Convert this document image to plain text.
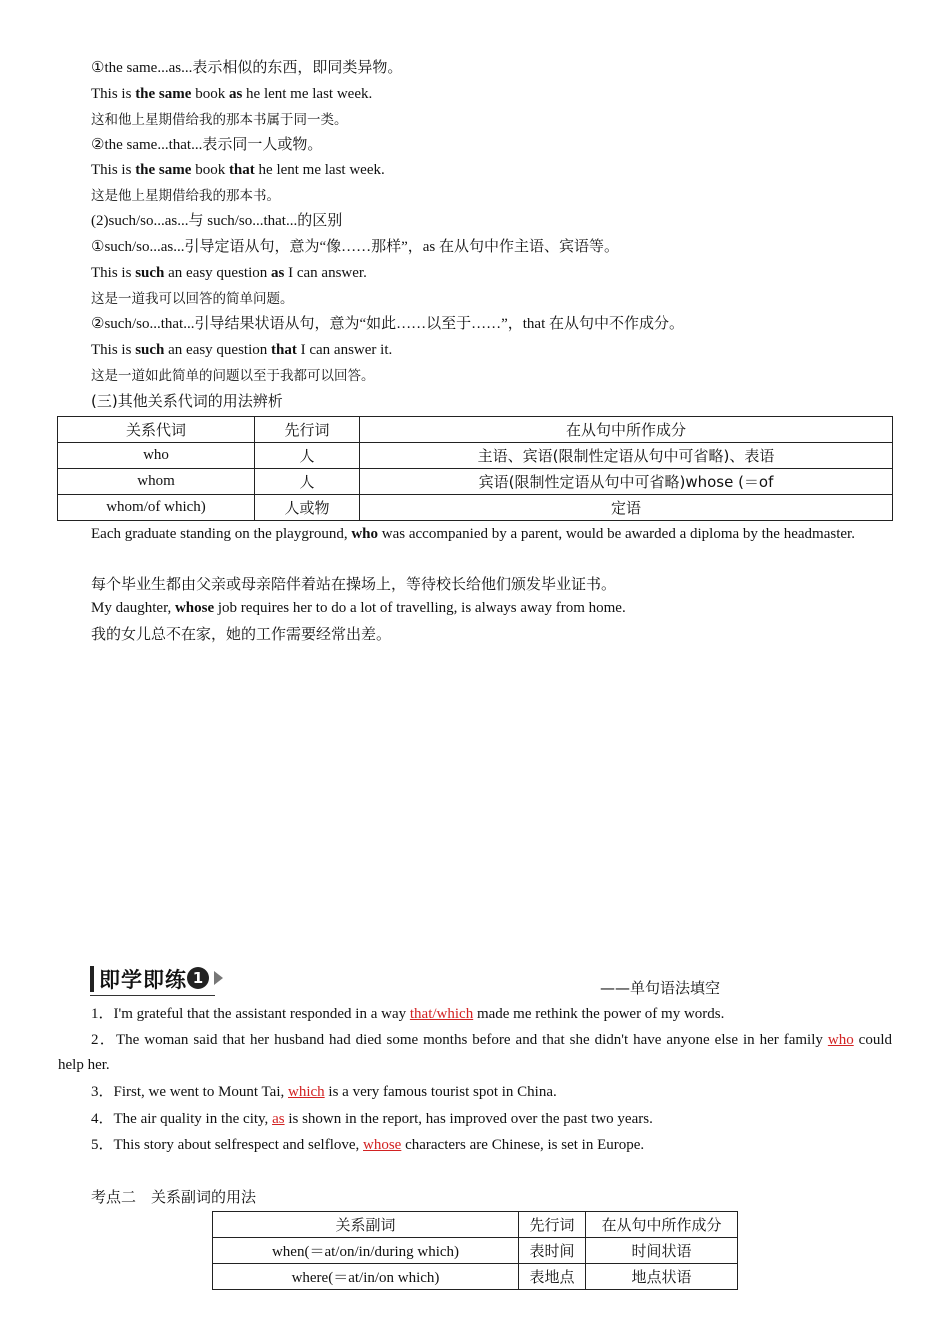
①the same...as...表示相似的东西，即同类异物。
This is the same book as he lent me last week.
这和他上星期借给我的那本书属于同一类。
②the same...that...表示同一人或物。
This is the same book that he lent me last week.
这是他上星期借给我的那本书。
(2)such/so...as...与 such/so...that...的区别
①such/so...as...引导定语从句，意为“像……那样”，as 在从句中作主语、宾语等。
This is such an easy question as I can answer.
这是一道我可以回答的简单问题。
②such/so...that...引导结果状语从句，意为“如此……以至于……”，that 在从句中不作成分。
This is such an easy question that I can answer it.
这是一道如此简单的问题以至于我都可以回答。
(三)其他关系代词的用法辨析
关系代词	先行词	在从句中所作成分
who	人	主语、宾语(限制性定语从句中可省略)、表语
whom	人	宾语(限制性定语从句中可省略)whose (＝of
whom/of which)	人或物	定语
Each graduate standing on the playground, who was accompanied by a parent, would be awarded a diploma by the headmaster.
每个毕业生都由父亲或母亲陪伴着站在操场上，等待校长给他们颁发毕业证书。
My daughter, whose job requires her to do a lot of travelling, is always away from home.
我的女儿总不在家，她的工作需要经常出差。
即学即练 1
——单句语法填空
1．I'm grateful that the assistant responded in a way that/which made me rethink the power of my words.
2．The woman said that her husband had died some months before and that she didn't have anyone else in her family who could help her.
3．First, we went to Mount Tai, which is a very famous tourist spot in China.
4．The air quality in the city, as is shown in the report, has improved over the past two years.
5．This story about selfrespect and selflove, whose characters are Chinese, is set in Europe.
考点二　关系副词的用法
关系副词	先行词	在从句中所作成分
when(＝at/on/in/during which)	表时间	时间状语
where(＝at/in/on which)	表地点	地点状语
